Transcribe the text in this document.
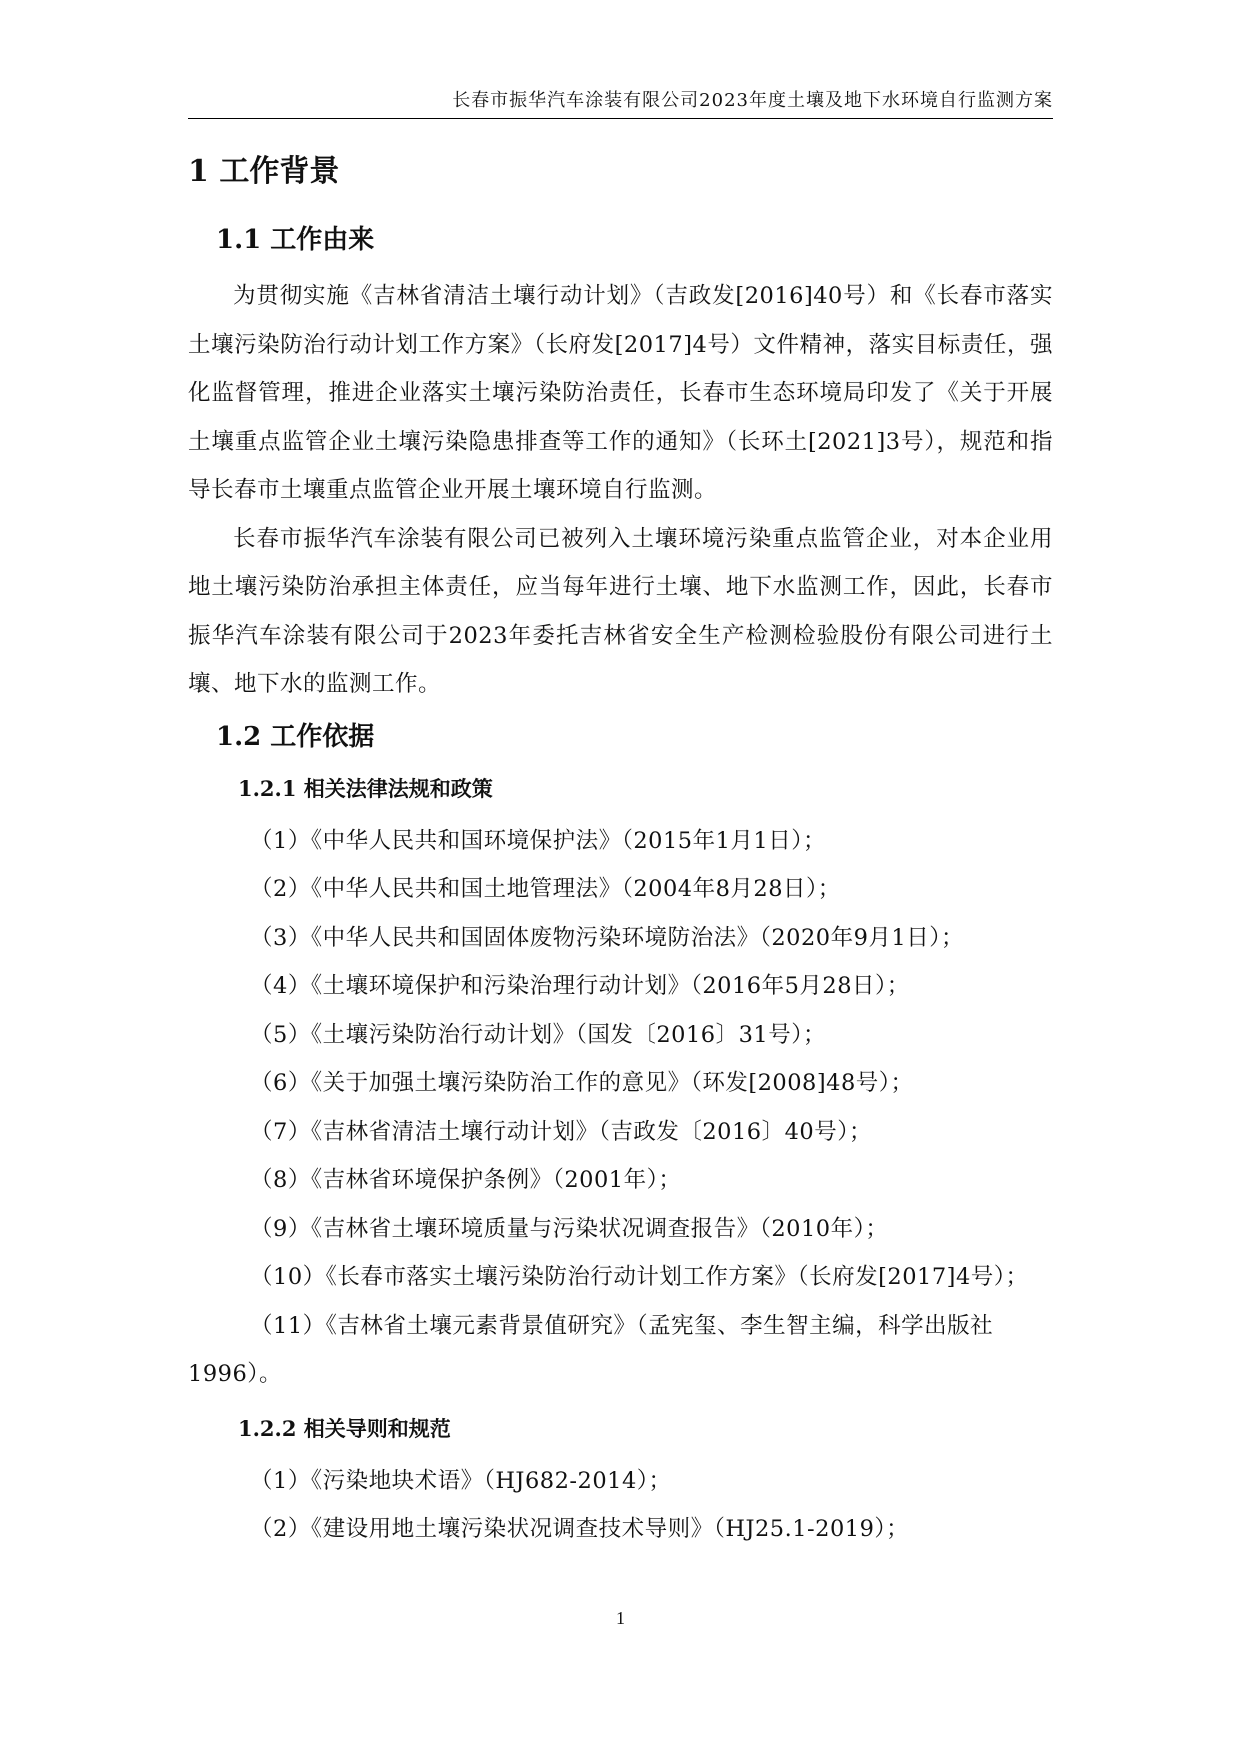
长春市振华汽车涂装有限公司2023年度土壤及地下水环境自行监测方案
1 工作背景
1.1 工作由来

为贯彻实施《吉林省清洁土壤行动计划》（吉政发[2016]40号）和《长春市落实土壤污染防治行动计划工作方案》（长府发[2017]4号）文件精神，落实目标责任，强化监督管理，推进企业落实土壤污染防治责任，长春市生态环境局印发了《关于开展土壤重点监管企业土壤污染隐患排查等工作的通知》（长环土[2021]3号），规范和指导长春市土壤重点监管企业开展土壤环境自行监测。

长春市振华汽车涂装有限公司已被列入土壤环境污染重点监管企业，对本企业用地土壤污染防治承担主体责任，应当每年进行土壤、地下水监测工作，因此，长春市振华汽车涂装有限公司于2023年委托吉林省安全生产检测检验股份有限公司进行土壤、地下水的监测工作。

1.2 工作依据
1.2.1 相关法律法规和政策

（1）《中华人民共和国环境保护法》（2015年1月1日）；

（2）《中华人民共和国土地管理法》（2004年8月28日）；

（3）《中华人民共和国固体废物污染环境防治法》（2020年9月1日）；

（4）《土壤环境保护和污染治理行动计划》（2016年5月28日）；

（5）《土壤污染防治行动计划》（国发〔2016〕31号）；

（6）《关于加强土壤污染防治工作的意见》（环发[2008]48号）；

（7）《吉林省清洁土壤行动计划》（吉政发〔2016〕40号）；

（8）《吉林省环境保护条例》（2001年）；

（9）《吉林省土壤环境质量与污染状况调查报告》（2010年）；

（10）《长春市落实土壤污染防治行动计划工作方案》（长府发[2017]4号）；

（11）《吉林省土壤元素背景值研究》（孟宪玺、李生智主编，科学出版社1996）。

1.2.2 相关导则和规范

（1）《污染地块术语》（HJ682-2014）；

（2）《建设用地土壤污染状况调查技术导则》（HJ25.1-2019）；

1
